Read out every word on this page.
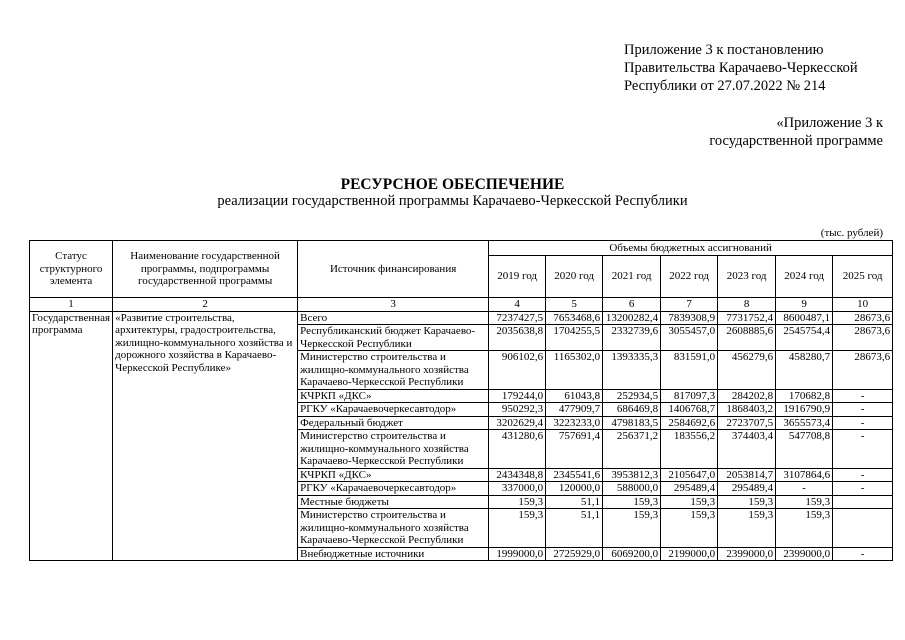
Приложение 3 к постановлению
Правительства Карачаево-Черкесской
Республики от 27.07.2022 № 214
«Приложение 3 к
государственной программе
РЕСУРСНОЕ ОБЕСПЕЧЕНИЕ
реализации государственной программы Карачаево-Черкесской Республики
(тыс. рублей)
Статус структурного элемента	Наименование государственной программы, подпрограммы государственной программы	Источник финансирования	Объемы бюджетных ассигнований						
			2019 год	2020 год	2021 год	2022 год	2023 год	2024 год	2025 год
1	2	3	4	5	6	7	8	9	10
Государственная программа	«Развитие строительства, архитектуры, градостроительства, жилищно-коммунального хозяйства и дорожного хозяйства в Карачаево-Черкесской Республике»	Всего	7237427,5	7653468,6	13200282,4	7839308,9	7731752,4	8600487,1	28673,6
		Республиканский бюджет Карачаево-Черкесской Республики	2035638,8	1704255,5	2332739,6	3055457,0	2608885,6	2545754,4	28673,6
		Министерство строительства и жилищно-коммунального хозяйства Карачаево-Черкесской Республики	906102,6	1165302,0	1393335,3	831591,0	456279,6	458280,7	28673,6
		КЧРКП «ДКС»	179244,0	61043,8	252934,5	817097,3	284202,8	170682,8	-
		РГКУ «Карачаевочеркесавтодор»	950292,3	477909,7	686469,8	1406768,7	1868403,2	1916790,9	-
		Федеральный бюджет	3202629,4	3223233,0	4798183,5	2584692,6	2723707,5	3655573,4	-
		Министерство строительства и жилищно-коммунального хозяйства Карачаево-Черкесской Республики	431280,6	757691,4	256371,2	183556,2	374403,4	547708,8	-
		КЧРКП «ДКС»	2434348,8	2345541,6	3953812,3	2105647,0	2053814,7	3107864,6	-
		РГКУ «Карачаевочеркесавтодор»	337000,0	120000,0	588000,0	295489,4	295489,4	-	-
		Местные бюджеты	159,3	51,1	159,3	159,3	159,3	159,3	
		Министерство строительства и жилищно-коммунального хозяйства Карачаево-Черкесской Республики	159,3	51,1	159,3	159,3	159,3	159,3	
		Внебюджетные источники	1999000,0	2725929,0	6069200,0	2199000,0	2399000,0	2399000,0	-
